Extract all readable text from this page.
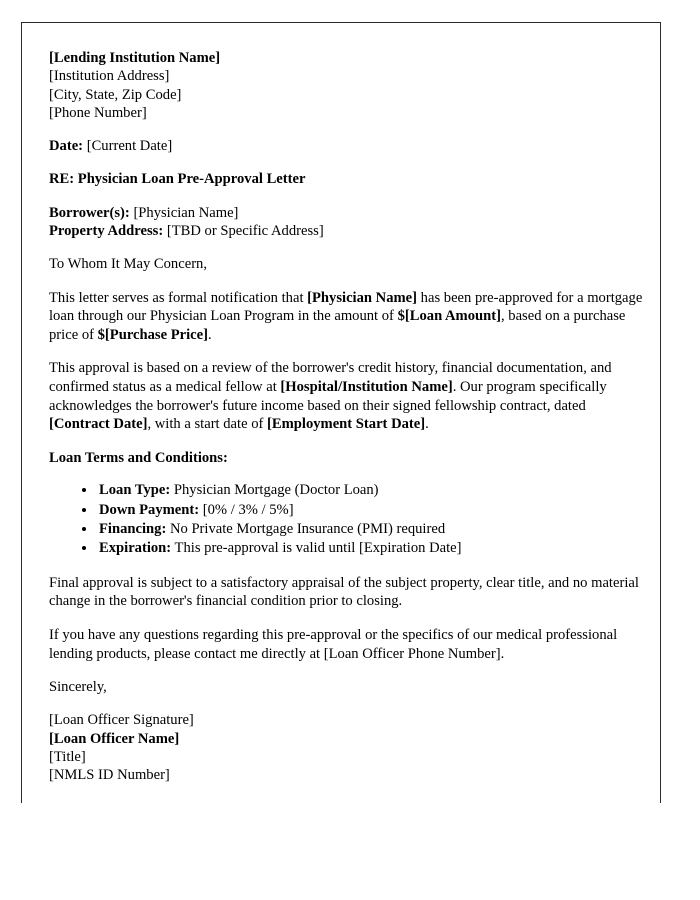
[Lending Institution Name]
[Institution Address]
[City, State, Zip Code]
[Phone Number]
Date: [Current Date]
RE: Physician Loan Pre-Approval Letter
Borrower(s): [Physician Name]
Property Address: [TBD or Specific Address]
To Whom It May Concern,

This letter serves as formal notification that [Physician Name] has been pre-approved for a mortgage loan through our Physician Loan Program in the amount of $[Loan Amount], based on a purchase price of $[Purchase Price].

This approval is based on a review of the borrower's credit history, financial documentation, and confirmed status as a medical fellow at [Hospital/Institution Name]. Our program specifically acknowledges the borrower's future income based on their signed fellowship contract, dated [Contract Date], with a start date of [Employment Start Date].

Loan Terms and Conditions:
• Loan Type: Physician Mortgage (Doctor Loan)
• Down Payment: [0% / 3% / 5%]
• Financing: No Private Mortgage Insurance (PMI) required
• Expiration: This pre-approval is valid until [Expiration Date]

Final approval is subject to a satisfactory appraisal of the subject property, clear title, and no material change in the borrower's financial condition prior to closing.

If you have any questions regarding this pre-approval or the specifics of our medical professional lending products, please contact me directly at [Loan Officer Phone Number].

Sincerely,
[Loan Officer Signature]
[Loan Officer Name]
[Title]
[NMLS ID Number]
